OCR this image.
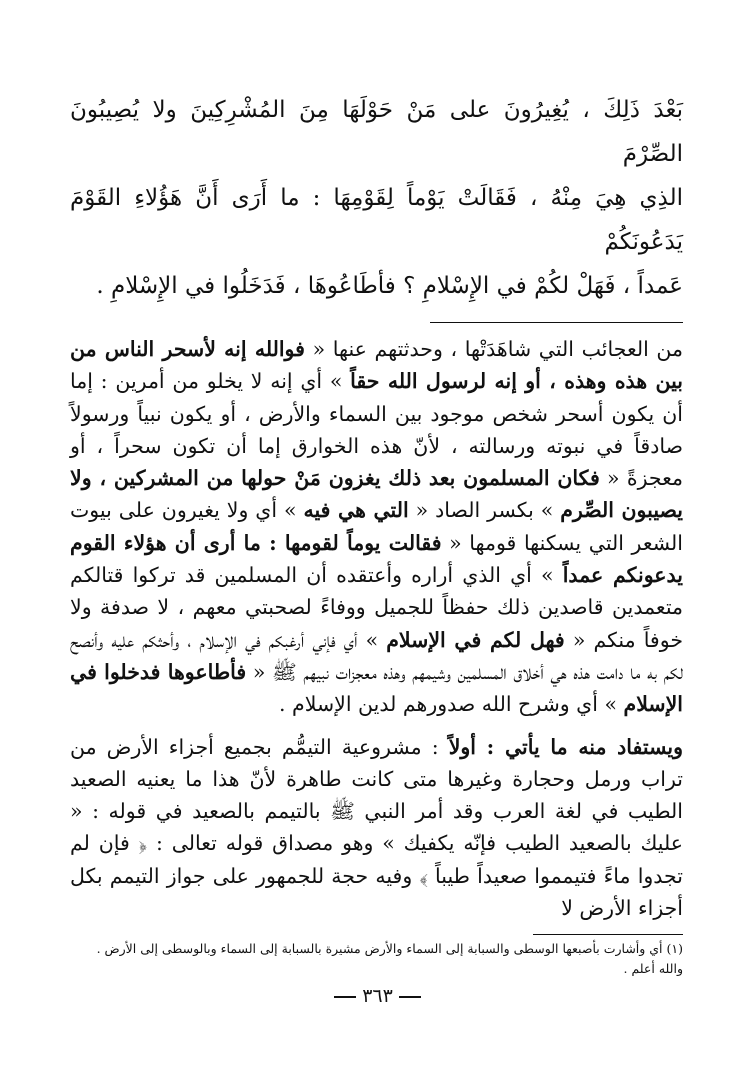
بَعْدَ ذَلِكَ ، يُغِيرُونَ على مَنْ حَوْلَهَا مِنَ المُشْرِكِينَ ولا يُصِيبُونَ الصِّرْمَ

الذِي هِيَ مِنْهُ ، فَقَالَتْ يَوْماً لِقَوْمِهَا : ما أَرَى أَنَّ هَؤُلاءِ القَوْمَ يَدَعُونَكُمْ

عَمداً ، فَهَلْ لكُمْ في الإِسْلامِ ؟ فأطَاعُوهَا ، فَدَخَلُوا في الإِسْلامِ .

من العجائب التي شاهَدَتْها ، وحدثتهم عنها « فوالله إنه لأسحر الناس من بين هذه وهذه ، أو إنه لرسول الله حقاً » أي إنه لا يخلو من أمرين : إما أن يكون أسحر شخص موجود بين السماء والأرض ، أو يكون نبياً ورسولاً صادقاً في نبوته ورسالته ، لأنّ هذه الخوارق إما أن تكون سحراً ، أو معجزةً « فكان المسلمون بعد ذلك يغزون مَنْ حولها من المشركين ، ولا يصيبون الصِّرم » بكسر الصاد « التي هي فيه » أي ولا يغيرون على بيوت الشعر التي يسكنها قومها « فقالت يوماً لقومها : ما أرى أن هؤلاء القوم يدعونكم عمداً » أي الذي أراره وأعتقده أن المسلمين قد تركوا قتالكم متعمدين قاصدين ذلك حفظاً للجميل ووفاءً لصحبتي معهم ، لا صدفة ولا خوفاً منكم « فهل لكم في الإسلام » أي فإني أرغبكم في الإسلام ، وأحثكم عليه وأنصح لكم به ما دامت هذه هي أخلاق المسلمين وشيمهم وهذه معجزات نبيهم ﷺ « فأطاعوها فدخلوا في الإسلام » أي وشرح الله صدورهم لدين الإسلام .

ويستفاد منه ما يأتي : أولاً : مشروعية التيمُّم بجميع أجزاء الأرض من تراب ورمل وحجارة وغيرها متى كانت طاهرة لأنّ هذا ما يعنيه الصعيد الطيب في لغة العرب وقد أمر النبي ﷺ بالتيمم بالصعيد في قوله : « عليك بالصعيد الطيب فإنّه يكفيك » وهو مصداق قوله تعالى : ﴿ فإن لم تجدوا ماءً فتيمموا صعيداً طيباً ﴾ وفيه حجة للجمهور على جواز التيمم بكل أجزاء الأرض لا

(١) أي وأشارت بأصبعها الوسطى والسبابة إلى السماء والأرض مشيرة بالسبابة إلى السماء وبالوسطى إلى الأرض .

والله أعلم .

٣٦٣
